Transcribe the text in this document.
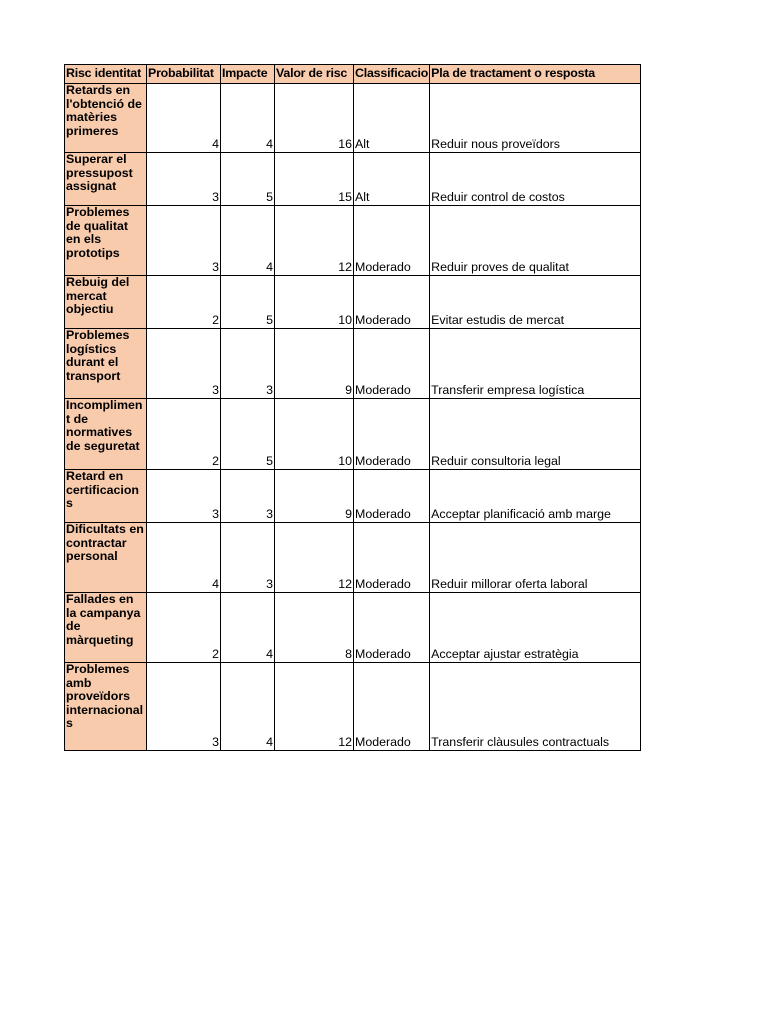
Risc identitat	Probabilitat	Impacte	Valor de risc	Classificacio	Pla de tractament o resposta
Retards en l'obtenció de matèries primeres	4	4	16	Alt	Reduir nous proveïdors
Superar el pressupost assignat	3	5	15	Alt	Reduir control de costos
Problemes de qualitat en els prototips	3	4	12	Moderado	Reduir proves de qualitat
Rebuig del mercat objectiu	2	5	10	Moderado	Evitar estudis de mercat
Problemes logístics durant el transport	3	3	9	Moderado	Transferir empresa logística
Incompliment de normatives de seguretat	2	5	10	Moderado	Reduir consultoria legal
Retard en certificacions	3	3	9	Moderado	Acceptar planificació amb marge
Dificultats en contractar personal	4	3	12	Moderado	Reduir millorar oferta laboral
Fallades en la campanya de màrqueting	2	4	8	Moderado	Acceptar ajustar estratègia
Problemes amb proveïdors internacionals	3	4	12	Moderado	Transferir clàusules contractuals
